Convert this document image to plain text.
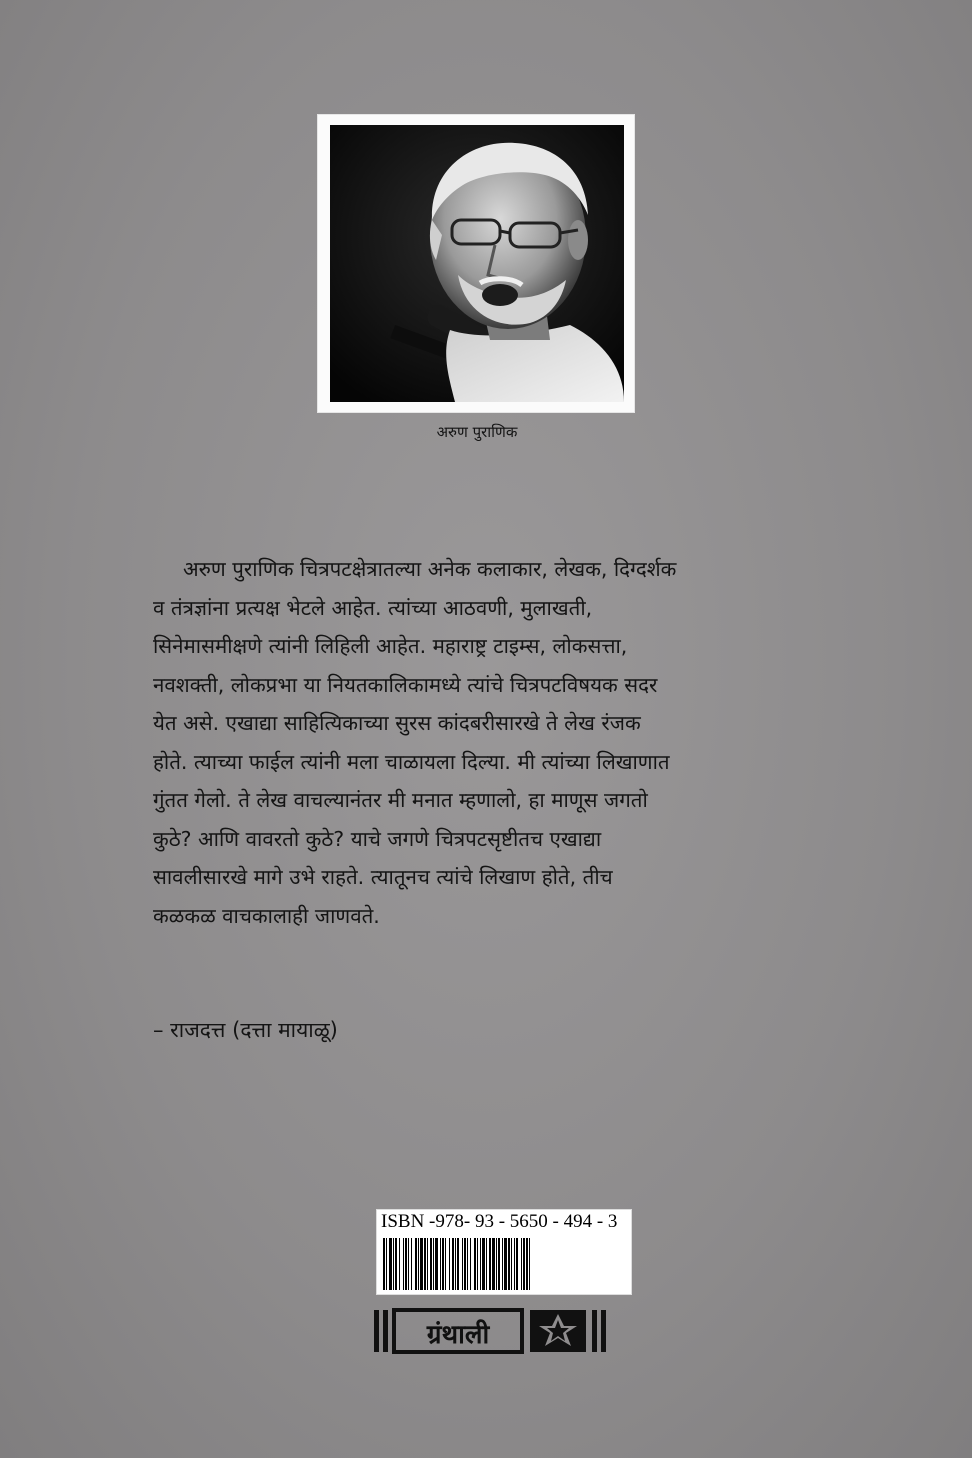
अरुण पुराणिक
अरुण पुराणिक चित्रपटक्षेत्रातल्या अनेक कलाकार, लेखक, दिग्दर्शक
व तंत्रज्ञांना प्रत्यक्ष भेटले आहेत. त्यांच्या आठवणी, मुलाखती,
सिनेमासमीक्षणे त्यांनी लिहिली आहेत. महाराष्ट्र टाइम्स, लोकसत्ता,
नवशक्ती, लोकप्रभा या नियतकालिकामध्ये त्यांचे चित्रपटविषयक सदर
येत असे. एखाद्या साहित्यिकाच्या सुरस कांदबरीसारखे ते लेख रंजक
होते. त्याच्या फाईल त्यांनी मला चाळायला दिल्या. मी त्यांच्या लिखाणात
गुंतत गेलो. ते लेख वाचल्यानंतर मी मनात म्हणालो, हा माणूस जगतो
कुठे? आणि वावरतो कुठे? याचे जगणे चित्रपटसृष्टीतच एखाद्या
सावलीसारखे मागे उभे राहते. त्यातूनच त्यांचे लिखाण होते, तीच
कळकळ वाचकालाही जाणवते.
– राजदत्त (दत्ता मायाळू)
ISBN -978- 93 - 5650 - 494 - 3
ग्रंथाली
